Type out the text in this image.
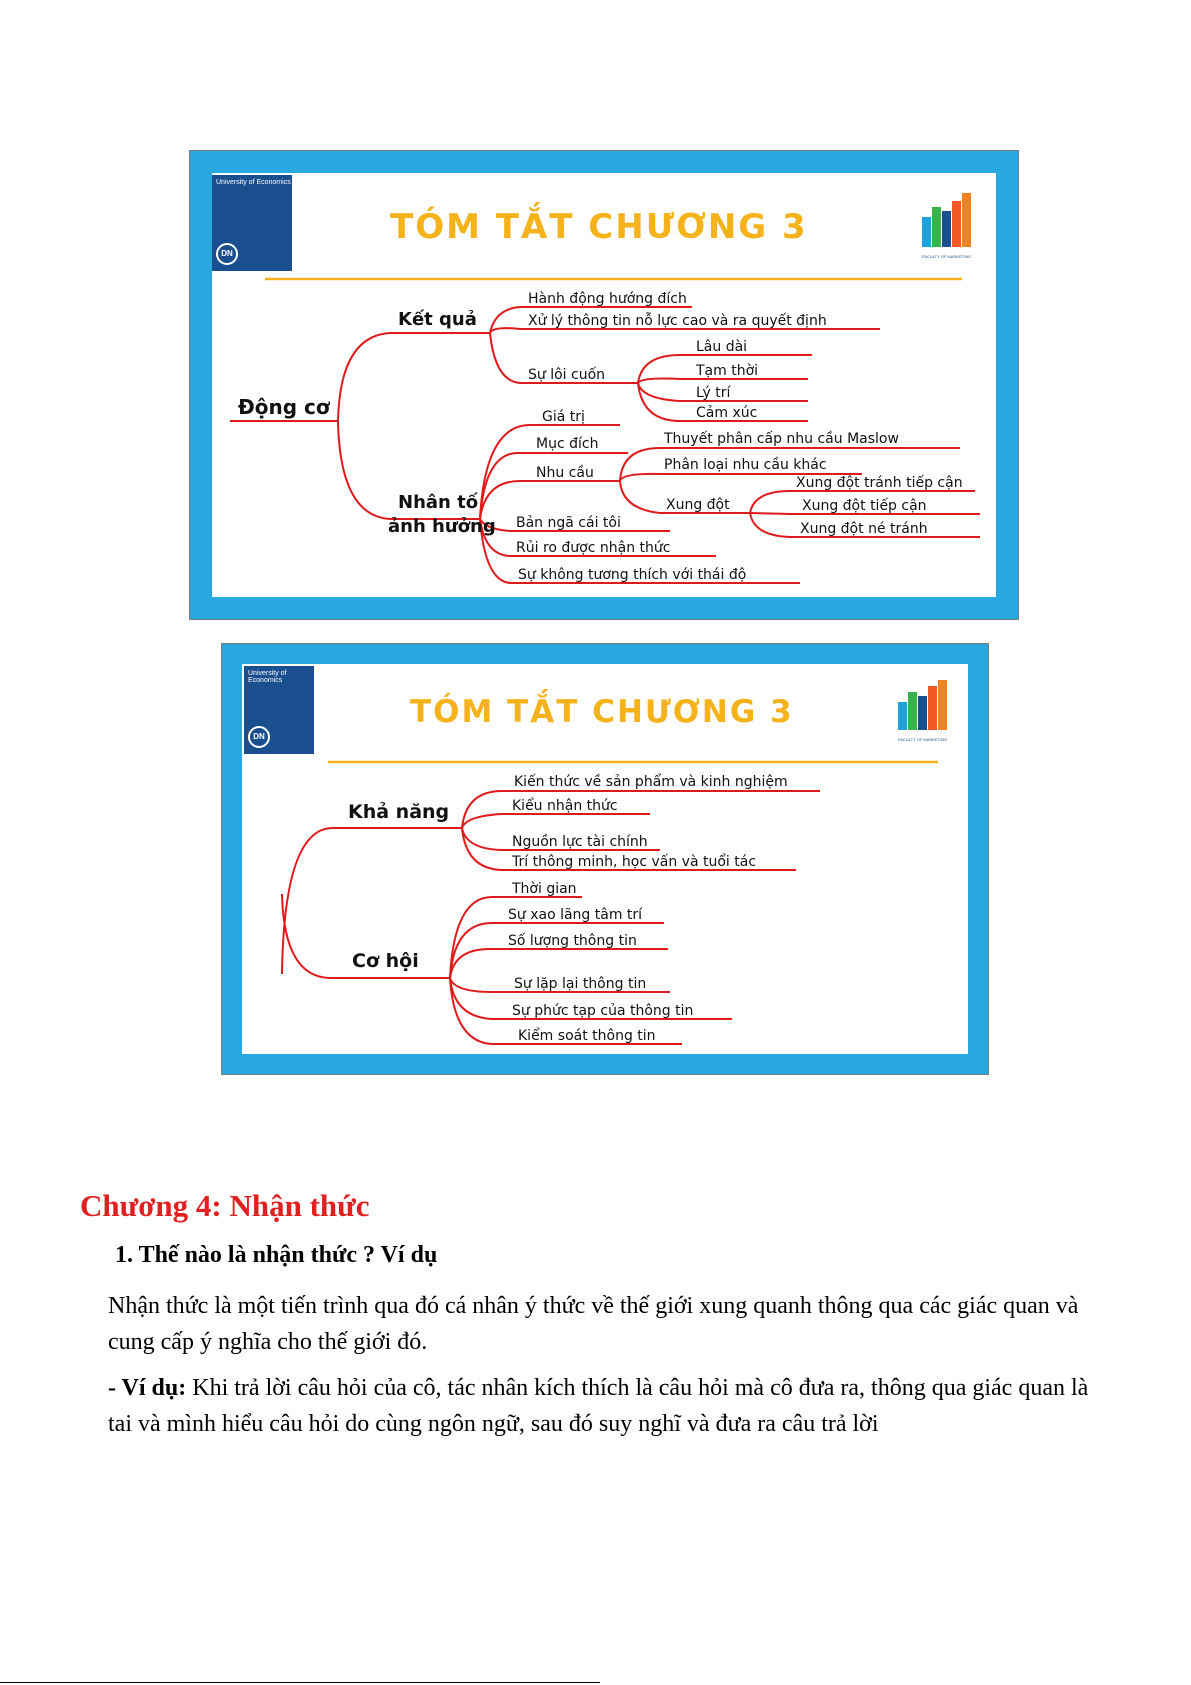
University of Economics
DN
TÓM TẮT CHƯƠNG 3
FACULTY OF MARKETING
Động cơ
Kết quả
Hành động hướng đích
Xử lý thông tin nỗ lực cao và ra quyết định
Sự lôi cuốn
Lâu dài
Tạm thời
Lý trí
Cảm xúc
Nhân tố
ảnh hưởng
Giá trị
Mục đích
Nhu cầu
Thuyết phân cấp nhu cầu Maslow
Phân loại nhu cầu khác
Xung đột
Xung đột tránh tiếp cận
Xung đột tiếp cận
Xung đột né tránh
Bản ngã cái tôi
Rủi ro được nhận thức
Sự không tương thích với thái độ
University of Economics
DN
TÓM TẮT CHƯƠNG 3
FACULTY OF MARKETING
Khả năng
Kiến thức về sản phẩm và kinh nghiệm
Kiểu nhận thức
Nguồn lực tài chính
Trí thông minh, học vấn và tuổi tác
Cơ hội
Thời gian
Sự xao lãng tâm trí
Số lượng thông tin
Sự lặp lại thông tin
Sự phức tạp của thông tin
Kiểm soát thông tin
Chương 4: Nhận thức
1. Thế nào là nhận thức ? Ví dụ

Nhận thức là một tiến trình qua đó cá nhân ý thức về thế giới xung quanh thông qua các giác quan và cung cấp ý nghĩa cho thế giới đó.

- Ví dụ: Khi trả lời câu hỏi của cô, tác nhân kích thích là câu hỏi mà cô đưa ra, thông qua giác quan là tai và mình hiểu câu hỏi do cùng ngôn ngữ, sau đó suy nghĩ và đưa ra câu trả lời
